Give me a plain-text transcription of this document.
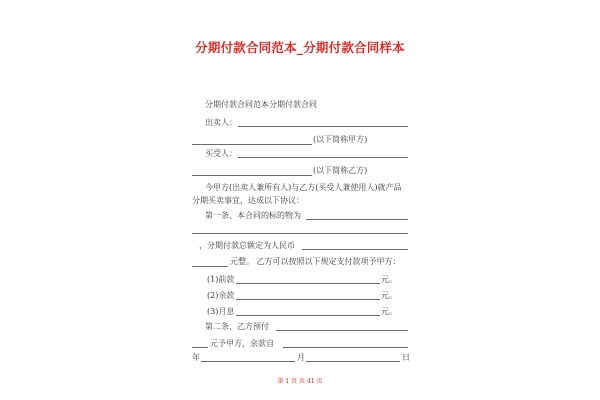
分期付款合同范本_分期付款合同样本
分期付款合同范本分期付款合同
出卖人：
(以下简称甲方)
买受人：
(以下简称乙方)
今甲方(出卖人兼所有人)与乙方(买受人兼使用人)就产品
分期买卖事宜，达成以下协议：
第一条、本合同的标的物为
，分期付款总额定为人民币
元整。 乙方可以按照以下规定支付款项予甲方：
(1)前款	元。
(2)余款	元。
(3)月息	元。
第二条、乙方预付
元予甲方，余款自
年	月	日
第 1 页 共 41 页
